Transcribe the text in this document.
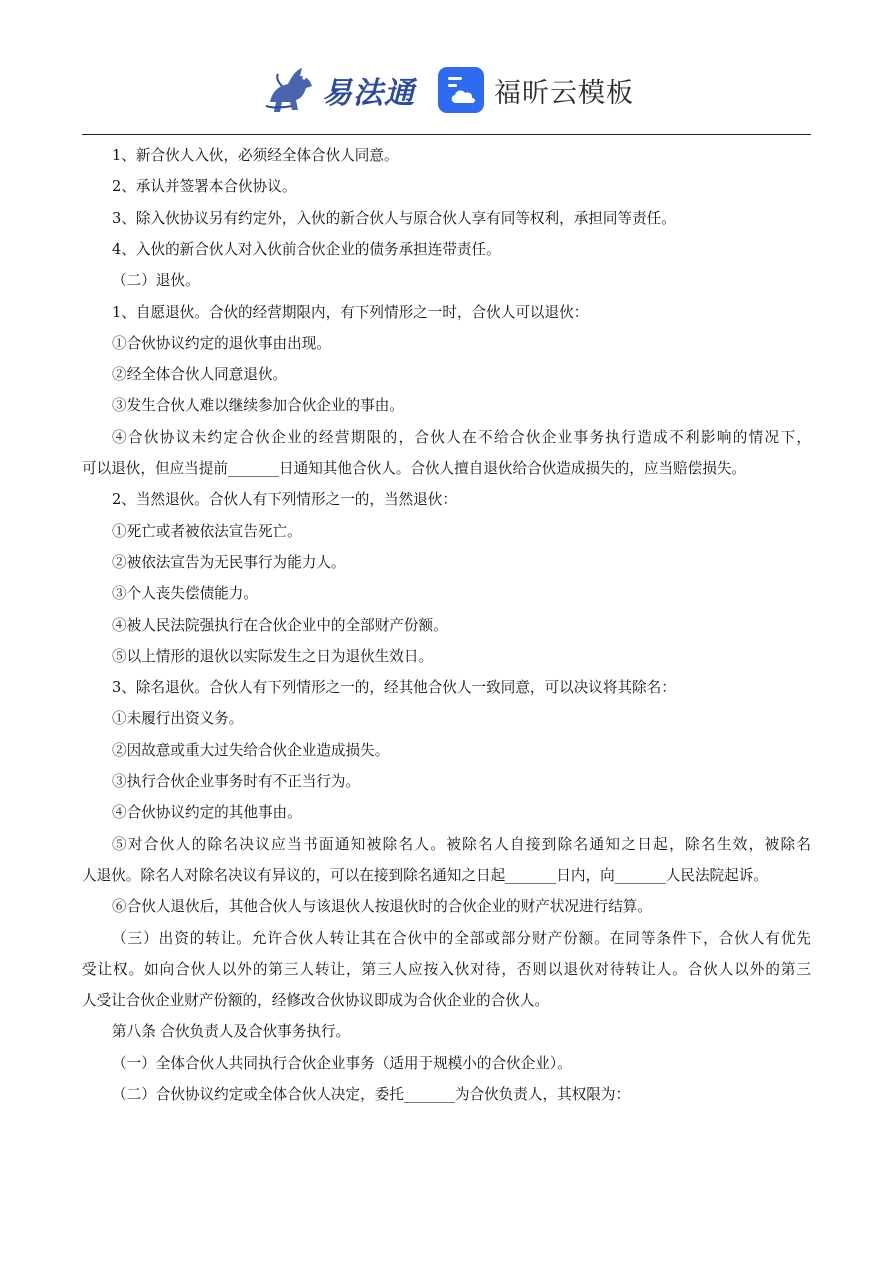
易法通	福昕云模板
1、新合伙人入伙，必须经全体合伙人同意。
2、承认并签署本合伙协议。
3、除入伙协议另有约定外，入伙的新合伙人与原合伙人享有同等权利，承担同等责任。
4、入伙的新合伙人对入伙前合伙企业的债务承担连带责任。
（二）退伙。
1、自愿退伙。合伙的经营期限内，有下列情形之一时，合伙人可以退伙：
①合伙协议约定的退伙事由出现。
②经全体合伙人同意退伙。
③发生合伙人难以继续参加合伙企业的事由。
④合伙协议未约定合伙企业的经营期限的，合伙人在不给合伙企业事务执行造成不利影响的情况下，
可以退伙，但应当提前_______日通知其他合伙人。合伙人擅自退伙给合伙造成损失的，应当赔偿损失。
2、当然退伙。合伙人有下列情形之一的，当然退伙：
①死亡或者被依法宣告死亡。
②被依法宣告为无民事行为能力人。
③个人丧失偿债能力。
④被人民法院强执行在合伙企业中的全部财产份额。
⑤以上情形的退伙以实际发生之日为退伙生效日。
3、除名退伙。合伙人有下列情形之一的，经其他合伙人一致同意，可以决议将其除名：
①未履行出资义务。
②因故意或重大过失给合伙企业造成损失。
③执行合伙企业事务时有不正当行为。
④合伙协议约定的其他事由。
⑤对合伙人的除名决议应当书面通知被除名人。被除名人自接到除名通知之日起，除名生效，被除名
人退伙。除名人对除名决议有异议的，可以在接到除名通知之日起_______日内，向_______人民法院起诉。
⑥合伙人退伙后，其他合伙人与该退伙人按退伙时的合伙企业的财产状况进行结算。
（三）出资的转让。允许合伙人转让其在合伙中的全部或部分财产份额。在同等条件下，合伙人有优先
受让权。如向合伙人以外的第三人转让，第三人应按入伙对待，否则以退伙对待转让人。合伙人以外的第三
人受让合伙企业财产份额的，经修改合伙协议即成为合伙企业的合伙人。
第八条 合伙负责人及合伙事务执行。
（一）全体合伙人共同执行合伙企业事务（适用于规模小的合伙企业）。
（二）合伙协议约定或全体合伙人决定，委托_______为合伙负责人，其权限为：
